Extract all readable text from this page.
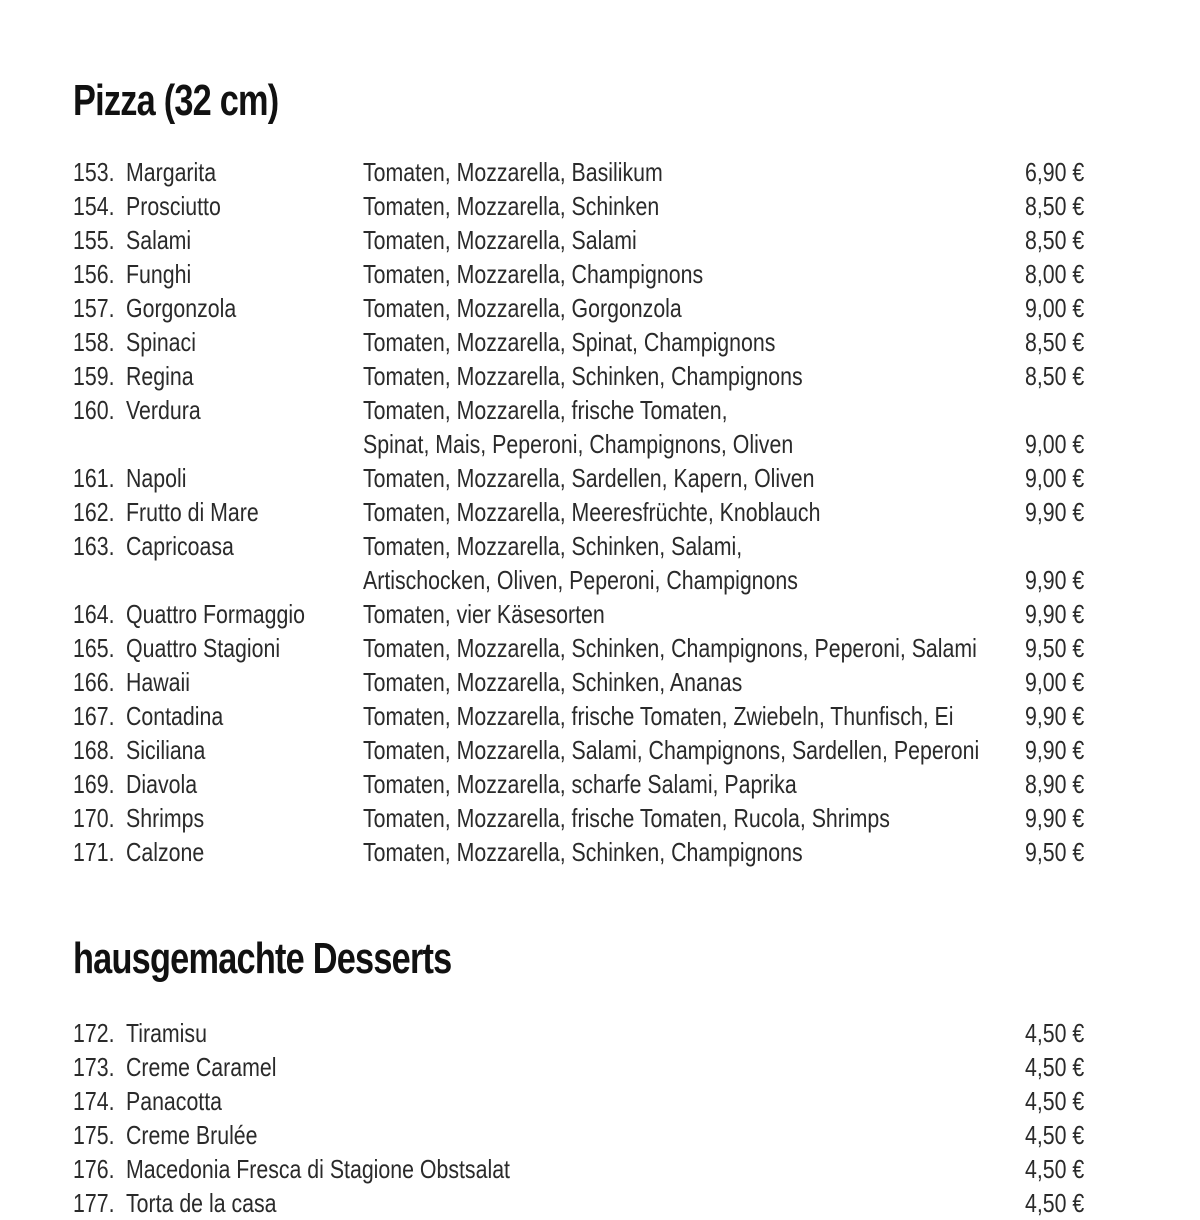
Pizza (32 cm)
153. Margarita	Tomaten, Mozzarella, Basilikum	6,90 €
154. Prosciutto	Tomaten, Mozzarella, Schinken	8,50 €
155. Salami	Tomaten, Mozzarella, Salami	8,50 €
156. Funghi	Tomaten, Mozzarella, Champignons	8,00 €
157. Gorgonzola	Tomaten, Mozzarella, Gorgonzola	9,00 €
158. Spinaci	Tomaten, Mozzarella, Spinat, Champignons	8,50 €
159. Regina	Tomaten, Mozzarella, Schinken, Champignons	8,50 €
160. Verdura	Tomaten, Mozzarella, frische Tomaten,
Spinat, Mais, Peperoni, Champignons, Oliven	9,00 €
161. Napoli	Tomaten, Mozzarella, Sardellen, Kapern, Oliven	9,00 €
162. Frutto di Mare	Tomaten, Mozzarella, Meeresfrüchte, Knoblauch	9,90 €
163. Capricoasa	Tomaten, Mozzarella, Schinken, Salami,
Artischocken, Oliven, Peperoni, Champignons	9,90 €
164. Quattro Formaggio	Tomaten, vier Käsesorten	9,90 €
165. Quattro Stagioni	Tomaten, Mozzarella, Schinken, Champignons, Peperoni, Salami	9,50 €
166. Hawaii	Tomaten, Mozzarella, Schinken, Ananas	9,00 €
167. Contadina	Tomaten, Mozzarella, frische Tomaten, Zwiebeln, Thunfisch, Ei	9,90 €
168. Siciliana	Tomaten, Mozzarella, Salami, Champignons, Sardellen, Peperoni	9,90 €
169. Diavola	Tomaten, Mozzarella, scharfe Salami, Paprika	8,90 €
170. Shrimps	Tomaten, Mozzarella, frische Tomaten, Rucola, Shrimps	9,90 €
171. Calzone	Tomaten, Mozzarella, Schinken, Champignons	9,50 €
hausgemachte Desserts
172. Tiramisu	4,50 €
173. Creme Caramel	4,50 €
174. Panacotta	4,50 €
175. Creme Brulée	4,50 €
176. Macedonia Fresca di Stagione Obstsalat	4,50 €
177. Torta de la casa	4,50 €
